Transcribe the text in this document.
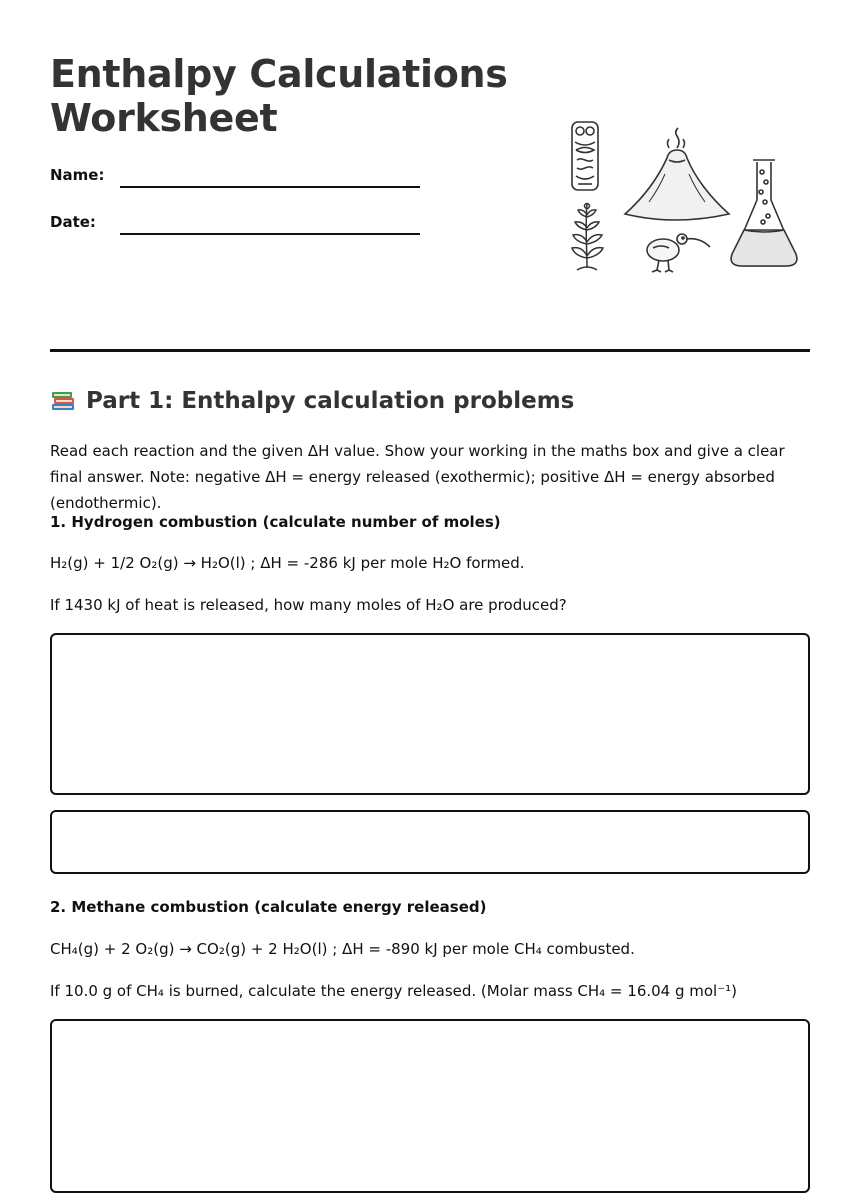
Enthalpy Calculations Worksheet
Name:
Date:
Part 1: Enthalpy calculation problems

Read each reaction and the given ΔH value. Show your working in the maths box and give a clear final answer. Note: negative ΔH = energy released (exothermic); positive ΔH = energy absorbed (endothermic).

1. Hydrogen combustion (calculate number of moles)
H₂(g) + 1/2 O₂(g) → H₂O(l) ; ΔH = -286 kJ per mole H₂O formed.
If 1430 kJ of heat is released, how many moles of H₂O are produced?
2. Methane combustion (calculate energy released)
CH₄(g) + 2 O₂(g) → CO₂(g) + 2 H₂O(l) ; ΔH = -890 kJ per mole CH₄ combusted.
If 10.0 g of CH₄ is burned, calculate the energy released. (Molar mass CH₄ = 16.04 g mol⁻¹)
